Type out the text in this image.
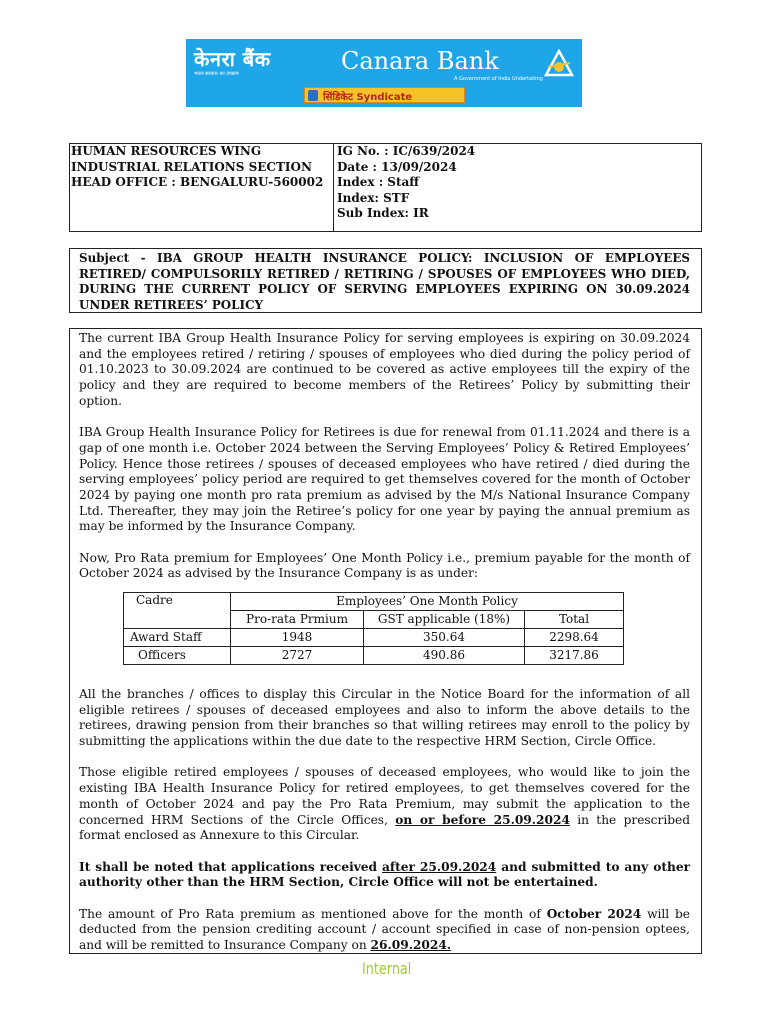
केनरा बैंक
भारत सरकार का उपक्रम	Canara Bank
A Government of India Undertaking
सिंडिकेट Syndicate
HUMAN RESOURCES WING
INDUSTRIAL RELATIONS SECTION
HEAD OFFICE : BENGALURU-560002
IG No. : IC/639/2024
Date : 13/09/2024
Index : Staff
Index: STF
Sub Index: IR
Subject - IBA GROUP HEALTH INSURANCE POLICY: INCLUSION OF EMPLOYEES RETIRED/ COMPULSORILY RETIRED / RETIRING / SPOUSES OF EMPLOYEES WHO DIED, DURING THE CURRENT POLICY OF SERVING EMPLOYEES EXPIRING ON 30.09.2024 UNDER RETIREES’ POLICY

The current IBA Group Health Insurance Policy for serving employees is expiring on 30.09.2024 and the employees retired / retiring / spouses of employees who died during the policy period of 01.10.2023 to 30.09.2024 are continued to be covered as active employees till the expiry of the policy and they are required to become members of the Retirees’ Policy by submitting their option.

IBA Group Health Insurance Policy for Retirees is due for renewal from 01.11.2024 and there is a gap of one month i.e. October 2024 between the Serving Employees’ Policy & Retired Employees’ Policy. Hence those retirees / spouses of deceased employees who have retired / died during the serving employees’ policy period are required to get themselves covered for the month of October 2024 by paying one month pro rata premium as advised by the M/s National Insurance Company Ltd. Thereafter, they may join the Retiree’s policy for one year by paying the annual premium as may be informed by the Insurance Company.

Now, Pro Rata premium for Employees’ One Month Policy i.e., premium payable for the month of October 2024 as advised by the Insurance Company is as under:

Cadre	Employees’ One Month Policy		
	Pro-rata Prmium	GST applicable (18%)	Total
Award Staff	1948	350.64	2298.64
Officers	2727	490.86	3217.86

All the branches / offices to display this Circular in the Notice Board for the information of all eligible retirees / spouses of deceased employees and also to inform the above details to the retirees, drawing pension from their branches so that willing retirees may enroll to the policy by submitting the applications within the due date to the respective HRM Section, Circle Office.

Those eligible retired employees / spouses of deceased employees, who would like to join the existing IBA Health Insurance Policy for retired employees, to get themselves covered for the month of October 2024 and pay the Pro Rata Premium, may submit the application to the concerned HRM Sections of the Circle Offices, on or before 25.09.2024 in the prescribed format enclosed as Annexure to this Circular.

It shall be noted that applications received after 25.09.2024 and submitted to any other authority other than the HRM Section, Circle Office will not be entertained.

The amount of Pro Rata premium as mentioned above for the month of October 2024 will be deducted from the pension crediting account / account specified in case of non-pension optees, and will be remitted to Insurance Company on 26.09.2024.

Internal
